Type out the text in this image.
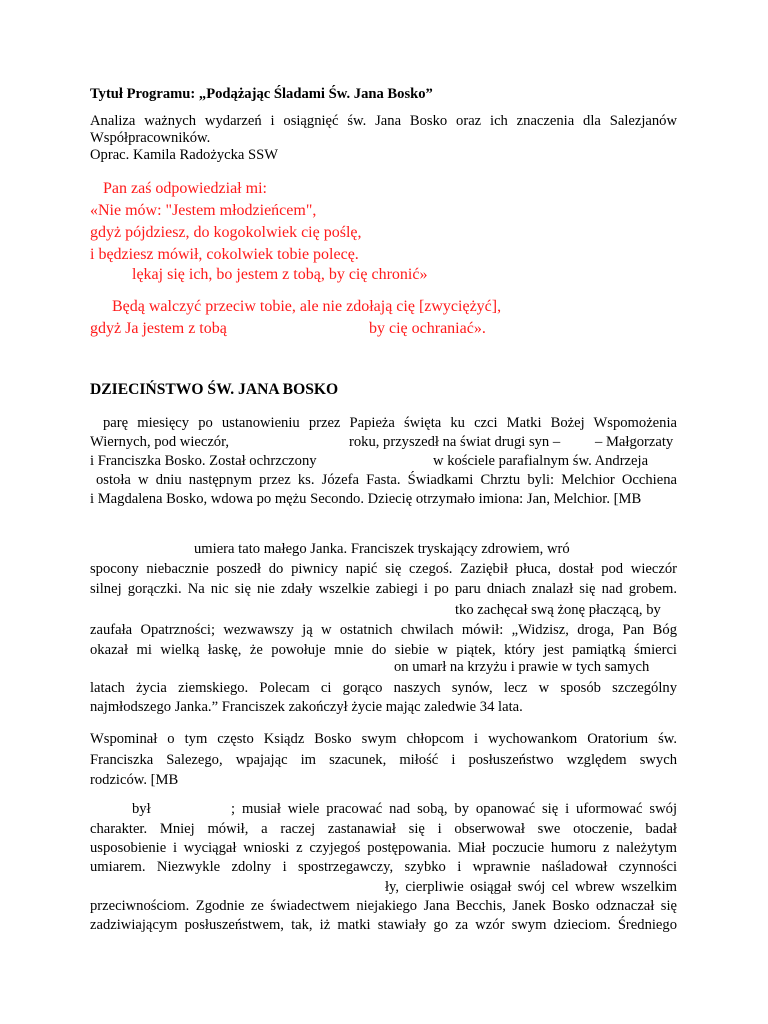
Tytuł Programu: „Podążając Śladami Św. Jana Bosko”
Analiza ważnych wydarzeń i osiągnięć św. Jana Bosko oraz ich znaczenia dla Salezjanów
Współpracowników.
Oprac. Kamila Radożycka SSW
Pan zaś odpowiedział mi:
«Nie mów: "Jestem młodzieńcem",
gdyż pójdziesz, do kogokolwiek cię poślę,
i będziesz mówił, cokolwiek tobie polecę.
lękaj się ich, bo jestem z tobą, by cię chronić»
Będą walczyć przeciw tobie, ale nie zdołają cię [zwyciężyć],
gdyż Ja jestem z tobą	by cię ochraniać».
DZIECIŃSTWO ŚW. JANA BOSKO
parę miesięcy po ustanowieniu przez Papieża święta ku czci Matki Bożej Wspomożenia
Wiernych, pod wieczór,	roku, przyszedł na świat drugi syn – – Małgorzaty
i Franciszka Bosko. Został ochrzczony	w kościele parafialnym św. Andrzeja
ostoła w dniu następnym przez ks. Józefa Fasta. Świadkami Chrztu byli: Melchior Occhiena
i Magdalena Bosko, wdowa po mężu Secondo. Dziecię otrzymało imiona: Jan, Melchior. [MB
umiera tato małego Janka. Franciszek tryskający zdrowiem, wró
spocony niebacznie poszedł do piwnicy napić się czegoś. Zaziębił płuca, dostał pod wieczór
silnej gorączki. Na nic się nie zdały wszelkie zabiegi i po paru dniach znalazł się nad grobem.
tko zachęcał swą żonę płaczącą, by
zaufała Opatrzności; wezwawszy ją w ostatnich chwilach mówił: „Widzisz, droga, Pan Bóg
okazał mi wielką łaskę, że powołuje mnie do siebie w piątek, który jest pamiątką śmierci
on umarł na krzyżu i prawie w tych samych
latach życia ziemskiego. Polecam ci gorąco naszych synów, lecz w sposób szczególny
najmłodszego Janka.” Franciszek zakończył życie mając zaledwie 34 lata.
Wspominał o tym często Ksiądz Bosko swym chłopcom i wychowankom Oratorium św.
Franciszka Salezego, wpajając im szacunek, miłość i posłuszeństwo względem swych
rodziców. [MB
był	; musiał wiele pracować nad sobą, by opanować się i uformować swój
charakter. Mniej mówił, a raczej zastanawiał się i obserwował swe otoczenie, badał
usposobienie i wyciągał wnioski z czyjegoś postępowania. Miał poczucie humoru z należytym
umiarem. Niezwykle zdolny i spostrzegawczy, szybko i wprawnie naśladował czynności
ły, cierpliwie osiągał swój cel wbrew wszelkim
przeciwnościom. Zgodnie ze świadectwem niejakiego Jana Becchis, Janek Bosko odznaczał się
zadziwiającym posłuszeństwem, tak, iż matki stawiały go za wzór swym dzieciom. Średniego
